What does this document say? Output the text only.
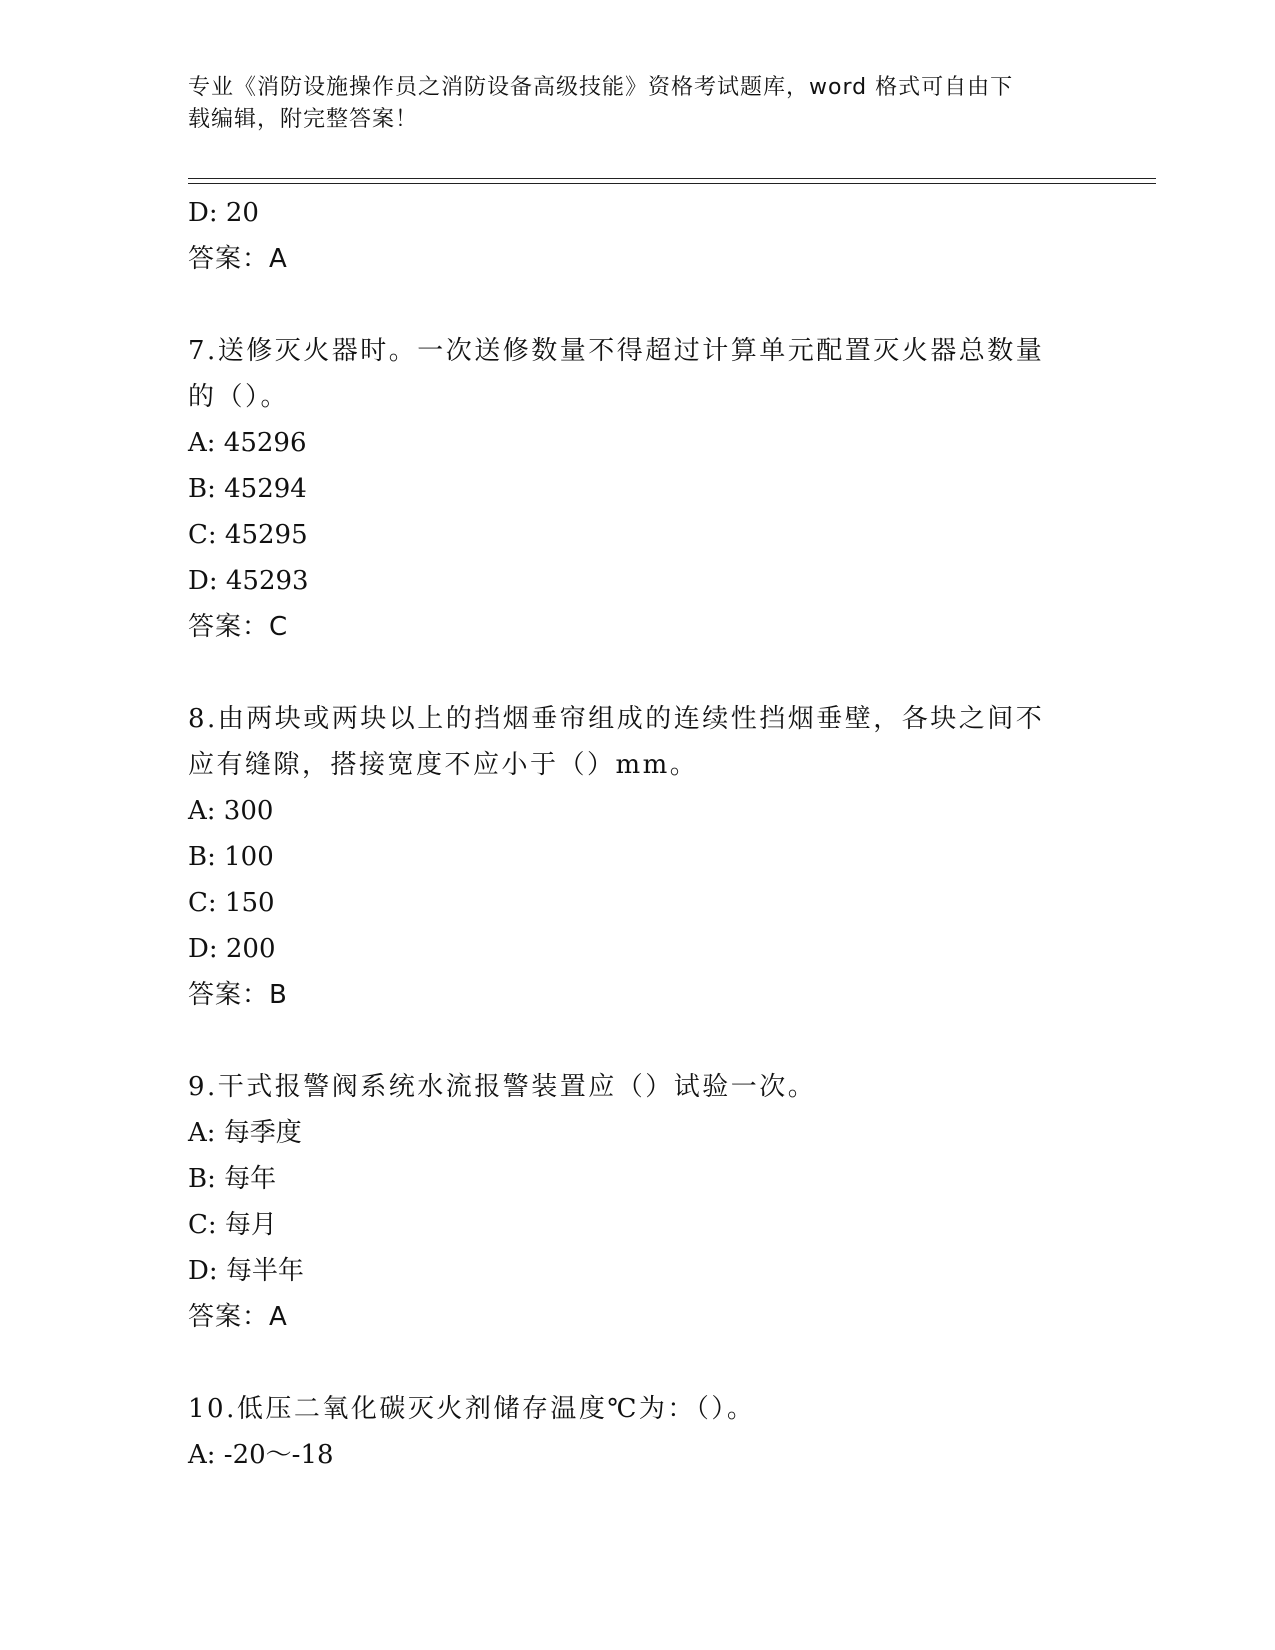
专业《消防设施操作员之消防设备高级技能》资格考试题库，word 格式可自由下
载编辑，附完整答案！
D: 20
答案：A
7.送修灭火器时。一次送修数量不得超过计算单元配置灭火器总数量
的（）。
A: 45296
B: 45294
C: 45295
D: 45293
答案：C
8.由两块或两块以上的挡烟垂帘组成的连续性挡烟垂壁，各块之间不
应有缝隙，搭接宽度不应小于（）mm。
A: 300
B: 100
C: 150
D: 200
答案：B
9.干式报警阀系统水流报警装置应（）试验一次。
A: 每季度
B: 每年
C: 每月
D: 每半年
答案：A
10.低压二氧化碳灭火剂储存温度℃为：（）。
A: -20～-18
